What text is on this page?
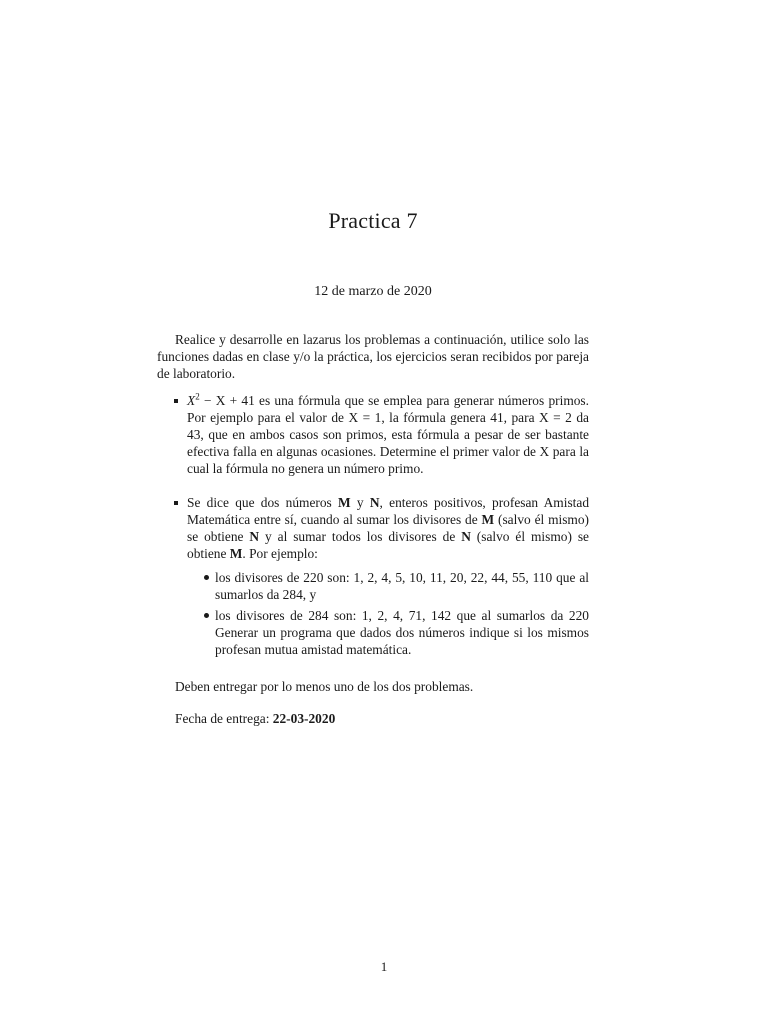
Practica 7
12 de marzo de 2020
Realice y desarrolle en lazarus los problemas a continuación, utilice solo las funciones dadas en clase y/o la práctica, los ejercicios seran recibidos por pareja de laboratorio.
$X^2 - X + 41$ es una fórmula que se emplea para generar números primos. Por ejemplo para el valor de X = 1, la fórmula genera 41, para X = 2 da 43, que en ambos casos son primos, esta fórmula a pesar de ser bastante efectiva falla en algunas ocasiones. Determine el primer valor de X para la cual la fórmula no genera un número primo.
Se dice que dos números M y N, enteros positivos, profesan Amistad Matemática entre sí, cuando al sumar los divisores de M (salvo él mismo) se obtiene N y al sumar todos los divisores de N (salvo él mismo) se obtiene M. Por ejemplo:
los divisores de 220 son: 1, 2, 4, 5, 10, 11, 20, 22, 44, 55, 110 que al sumarlos da 284, y
los divisores de 284 son: 1, 2, 4, 71, 142 que al sumarlos da 220 Generar un programa que dados dos números indique si los mismos profesan mutua amistad matemática.
Deben entregar por lo menos uno de los dos problemas.
Fecha de entrega: 22-03-2020
1
